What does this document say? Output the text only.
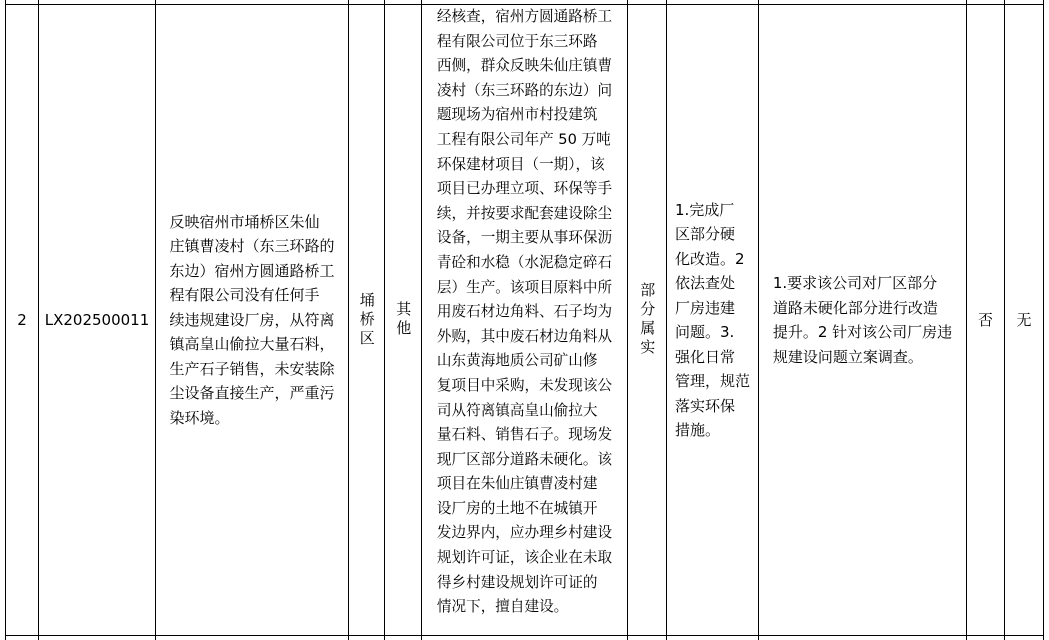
2 LX202500011
反映宿州市埇桥区朱仙
庄镇曹凌村（东三环路的
东边）宿州方圆通路桥工
程有限公司没有任何手
续违规建设厂房，从符离
镇高皇山偷拉大量石料，
生产石子销售，未安装除
尘设备直接生产，严重污
染环境。
埇桥区 其他
经核查，宿州方圆通路桥工
程有限公司位于东三环路
西侧，群众反映朱仙庄镇曹
凌村（东三环路的东边）问
题现场为宿州市村投建筑
工程有限公司年产 50 万吨
环保建材项目（一期），该
项目已办理立项、环保等手
续，并按要求配套建设除尘
设备，一期主要从事环保沥
青砼和水稳（水泥稳定碎石
层）生产。该项目原料中所
用废石材边角料、石子均为
外购，其中废石材边角料从
山东黄海地质公司矿山修
复项目中采购，未发现该公
司从符离镇高皇山偷拉大
量石料、销售石子。现场发
现厂区部分道路未硬化。该
项目在朱仙庄镇曹凌村建
设厂房的土地不在城镇开
发边界内，应办理乡村建设
规划许可证，该企业在未取
得乡村建设规划许可证的
情况下，擅自建设。
部分属实
1.完成厂
区部分硬
化改造。2
依法查处
厂房违建
问题。3.
强化日常
管理，规范
落实环保
措施。
1.要求该公司对厂区部分
道路未硬化部分进行改造
提升。2 针对该公司厂房违
规建设问题立案调查。
否 无
